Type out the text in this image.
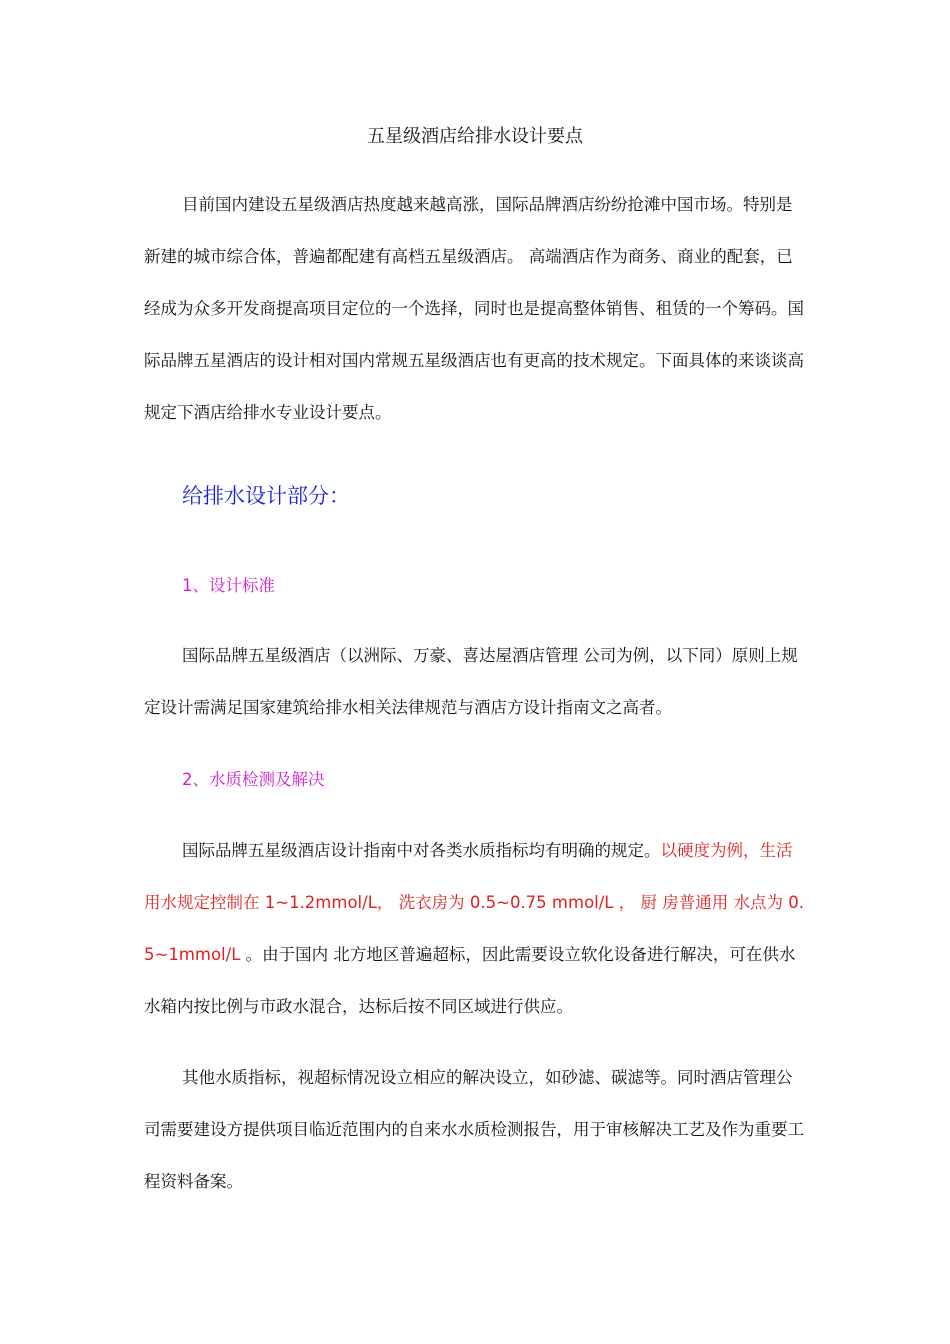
五星级酒店给排水设计要点
目前国内建设五星级酒店热度越来越高涨，国际品牌酒店纷纷抢滩中国市场。特别是新建的城市综合体，普遍都配建有高档五星级酒店。 高端酒店作为商务、商业的配套，已经成为众多开发商提高项目定位的一个选择，同时也是提高整体销售、租赁的一个筹码。国际品牌五星酒店的设计相对国内常规五星级酒店也有更高的技术规定。下面具体的来谈谈高规定下酒店给排水专业设计要点。
给排水设计部分：
1、设计标准
国际品牌五星级酒店（以洲际、万豪、喜达屋酒店管理 公司为例，以下同）原则上规定设计需满足国家建筑给排水相关法律规范与酒店方设计指南文之高者。
2、水质检测及解决
国际品牌五星级酒店设计指南中对各类水质指标均有明确的规定。以硬度为例，生活用水规定控制在 1~1.2mmol/L， 洗衣房为 0.5~0.75 mmol/L ， 厨 房普通用 水点为 0.5~1mmol/L 。由于国内 北方地区普遍超标，因此需要设立软化设备进行解决，可在供水水箱内按比例与市政水混合，达标后按不同区域进行供应。
其他水质指标，视超标情况设立相应的解决设立，如砂滤、碳滤等。同时酒店管理公司需要建设方提供项目临近范围内的自来水水质检测报告，用于审核解决工艺及作为重要工程资料备案。
